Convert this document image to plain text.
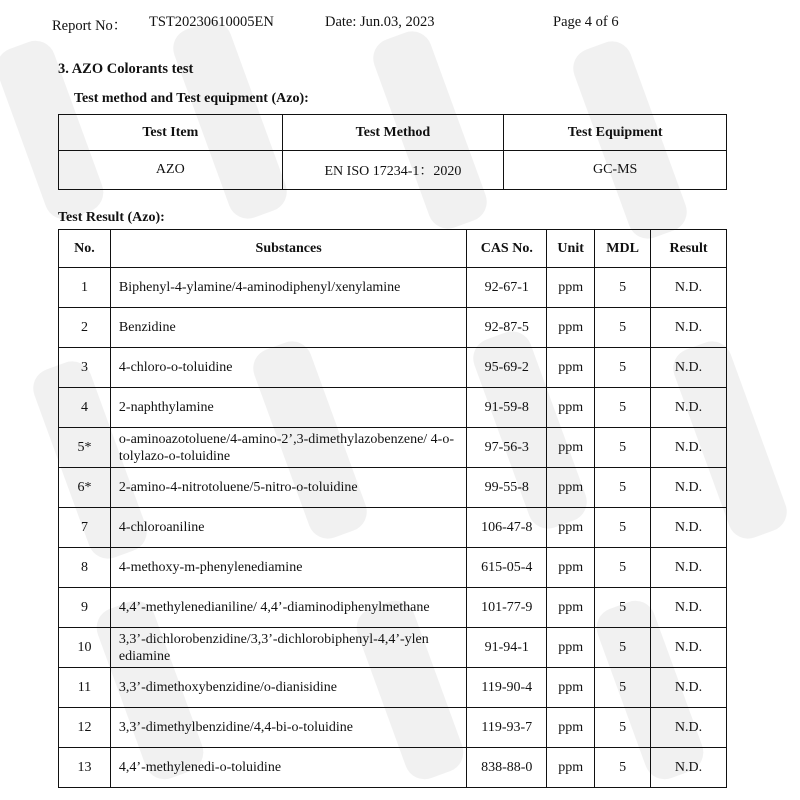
Report No： TST20230610005EN	Date: Jun.03, 2023	Page 4 of 6
3. AZO Colorants test
Test method and Test equipment (Azo):
Test Item	Test Method	Test Equipment
AZO	EN ISO 17234-1：2020	GC-MS
Test Result (Azo):
No.	Substances	CAS No.	Unit	MDL	Result
1	Biphenyl-4-ylamine/4-aminodiphenyl/xenylamine	92-67-1	ppm	5	N.D.
2	Benzidine	92-87-5	ppm	5	N.D.
3	4-chloro-o-toluidine	95-69-2	ppm	5	N.D.
4	2-naphthylamine	91-59-8	ppm	5	N.D.
5*	o-aminoazotoluene/4-amino-2’,3-dimethylazobenzene/ 4-o-tolylazo-o-toluidine	97-56-3	ppm	5	N.D.
6*	2-amino-4-nitrotoluene/5-nitro-o-toluidine	99-55-8	ppm	5	N.D.
7	4-chloroaniline	106-47-8	ppm	5	N.D.
8	4-methoxy-m-phenylenediamine	615-05-4	ppm	5	N.D.
9	4,4’-methylenedianiline/ 4,4’-diaminodiphenylmethane	101-77-9	ppm	5	N.D.
10	3,3’-dichlorobenzidine/3,3’-dichlorobiphenyl-4,4’-ylen ediamine	91-94-1	ppm	5	N.D.
11	3,3’-dimethoxybenzidine/o-dianisidine	119-90-4	ppm	5	N.D.
12	3,3’-dimethylbenzidine/4,4-bi-o-toluidine	119-93-7	ppm	5	N.D.
13	4,4’-methylenedi-o-toluidine	838-88-0	ppm	5	N.D.
